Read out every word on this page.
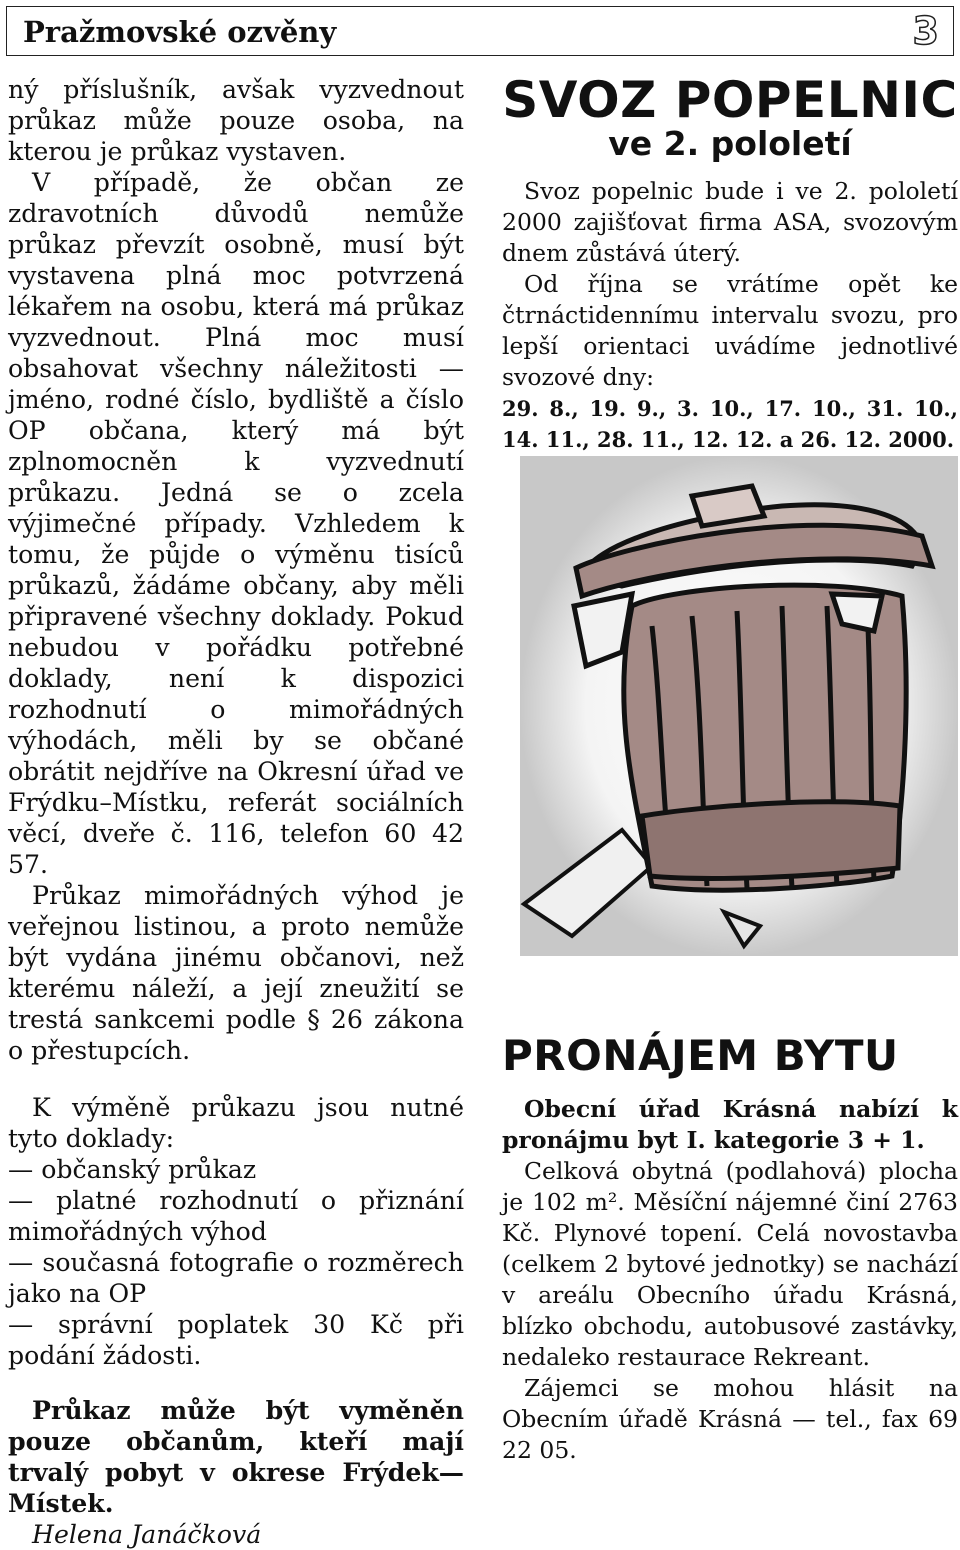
Pražmovské ozvěny	3

ný příslušník, avšak vyzvednout průkaz může pouze osoba, na kterou je průkaz vystaven.

V případě, že občan ze zdravotních důvodů nemůže průkaz převzít osobně, musí být vystavena plná moc potvrzená lékařem na osobu, která má průkaz vyzvednout. Plná moc musí obsahovat všechny náležitosti — jméno, rodné číslo, bydliště a číslo OP občana, který má být zplnomocněn k vyzvednutí průkazu. Jedná se o zcela výjimečné případy. Vzhledem k tomu, že půjde o výměnu tisíců průkazů, žádáme občany, aby měli připravené všechny doklady. Pokud nebudou v pořádku potřebné doklady, není k dispozici rozhodnutí o mimořádných výhodách, měli by se občané obrátit nejdříve na Okresní úřad ve Frýdku–Místku, referát sociálních věcí, dveře č. 116, telefon 60 42 57.

Průkaz mimořádných výhod je veřejnou listinou, a proto nemůže být vydána jinému občanovi, než kterému náleží, a její zneužití se trestá sankcemi podle § 26 zákona o přestupcích.

K výměně průkazu jsou nutné tyto doklady:

— občanský průkaz

— platné rozhodnutí o přiznání mimořádných výhod

— současná fotografie o rozměrech jako na OP

— správní poplatek 30 Kč při podání žádosti.

Průkaz může být vyměněn pouze občanům, kteří mají trvalý pobyt v okrese Frýdek—Místek.

Helena Janáčková

SVOZ POPELNIC
ve 2. pololetí

Svoz popelnic bude i ve 2. pololetí 2000 zajišťovat firma ASA, svozovým dnem zůstává úterý.

Od října se vrátíme opět ke čtrnáctidennímu intervalu svozu, pro lepší orientaci uvádíme jednotlivé svozové dny:

29. 8., 19. 9., 3. 10., 17. 10., 31. 10., 14. 11., 28. 11., 12. 12. a 26. 12. 2000.

PRONÁJEM BYTU

Obecní úřad Krásná nabízí k pronájmu byt I. kategorie 3 + 1.

Celková obytná (podlahová) plocha je 102 m². Měsíční nájemné činí 2763 Kč. Plynové topení. Celá novostavba (celkem 2 bytové jednotky) se nachází v areálu Obecního úřadu Krásná, blízko obchodu, autobusové zastávky, nedaleko restaurace Rekreant.

Zájemci se mohou hlásit na Obecním úřadě Krásná — tel., fax 69 22 05.
